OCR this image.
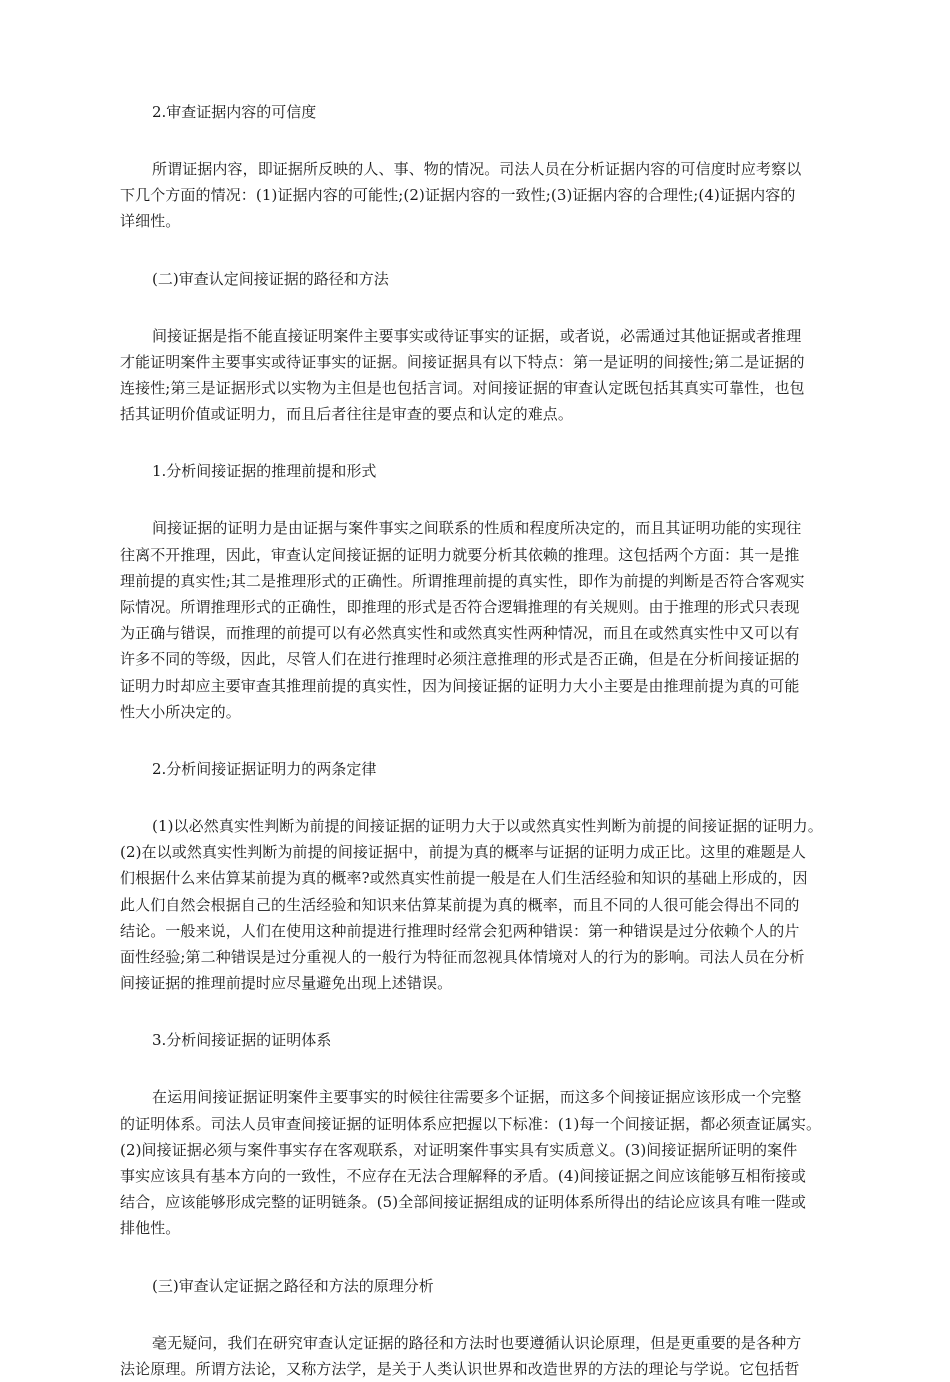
2.审查证据内容的可信度

所谓证据内容，即证据所反映的人、事、物的情况。司法人员在分析证据内容的可信度时应考察以
下几个方面的情况：(1)证据内容的可能性;(2)证据内容的一致性;(3)证据内容的合理性;(4)证据内容的
详细性。

(二)审查认定间接证据的路径和方法

间接证据是指不能直接证明案件主要事实或待证事实的证据，或者说，必需通过其他证据或者推理
才能证明案件主要事实或待证事实的证据。间接证据具有以下特点：第一是证明的间接性;第二是证据的
连接性;第三是证据形式以实物为主但是也包括言词。对间接证据的审查认定既包括其真实可靠性，也包
括其证明价值或证明力，而且后者往往是审查的要点和认定的难点。

1.分析间接证据的推理前提和形式

间接证据的证明力是由证据与案件事实之间联系的性质和程度所决定的，而且其证明功能的实现往
往离不开推理，因此，审查认定间接证据的证明力就要分析其依赖的推理。这包括两个方面：其一是推
理前提的真实性;其二是推理形式的正确性。所谓推理前提的真实性，即作为前提的判断是否符合客观实
际情况。所谓推理形式的正确性，即推理的形式是否符合逻辑推理的有关规则。由于推理的形式只表现
为正确与错误，而推理的前提可以有必然真实性和或然真实性两种情况，而且在或然真实性中又可以有
许多不同的等级，因此，尽管人们在进行推理时必须注意推理的形式是否正确，但是在分析间接证据的
证明力时却应主要审查其推理前提的真实性，因为间接证据的证明力大小主要是由推理前提为真的可能
性大小所决定的。

2.分析间接证据证明力的两条定律

(1)以必然真实性判断为前提的间接证据的证明力大于以或然真实性判断为前提的间接证据的证明力。
(2)在以或然真实性判断为前提的间接证据中，前提为真的概率与证据的证明力成正比。这里的难题是人
们根据什么来估算某前提为真的概率?或然真实性前提一般是在人们生活经验和知识的基础上形成的，因
此人们自然会根据自己的生活经验和知识来估算某前提为真的概率，而且不同的人很可能会得出不同的
结论。一般来说，人们在使用这种前提进行推理时经常会犯两种错误：第一种错误是过分依赖个人的片
面性经验;第二种错误是过分重视人的一般行为特征而忽视具体情境对人的行为的影响。司法人员在分析
间接证据的推理前提时应尽量避免出现上述错误。

3.分析间接证据的证明体系

在运用间接证据证明案件主要事实的时候往往需要多个证据，而这多个间接证据应该形成一个完整
的证明体系。司法人员审查间接证据的证明体系应把握以下标准：(1)每一个间接证据，都必须查证属实。
(2)间接证据必须与案件事实存在客观联系，对证明案件事实具有实质意义。(3)间接证据所证明的案件
事实应该具有基本方向的一致性，不应存在无法合理解释的矛盾。(4)间接证据之间应该能够互相衔接或
结合，应该能够形成完整的证明链条。(5)全部间接证据组成的证明体系所得出的结论应该具有唯一陛或
排他性。

(三)审查认定证据之路径和方法的原理分析

毫无疑问，我们在研究审查认定证据的路径和方法时也要遵循认识论原理，但是更重要的是各种方
法论原理。所谓方法论，又称方法学，是关于人类认识世界和改造世界的方法的理论与学说。它包括哲
